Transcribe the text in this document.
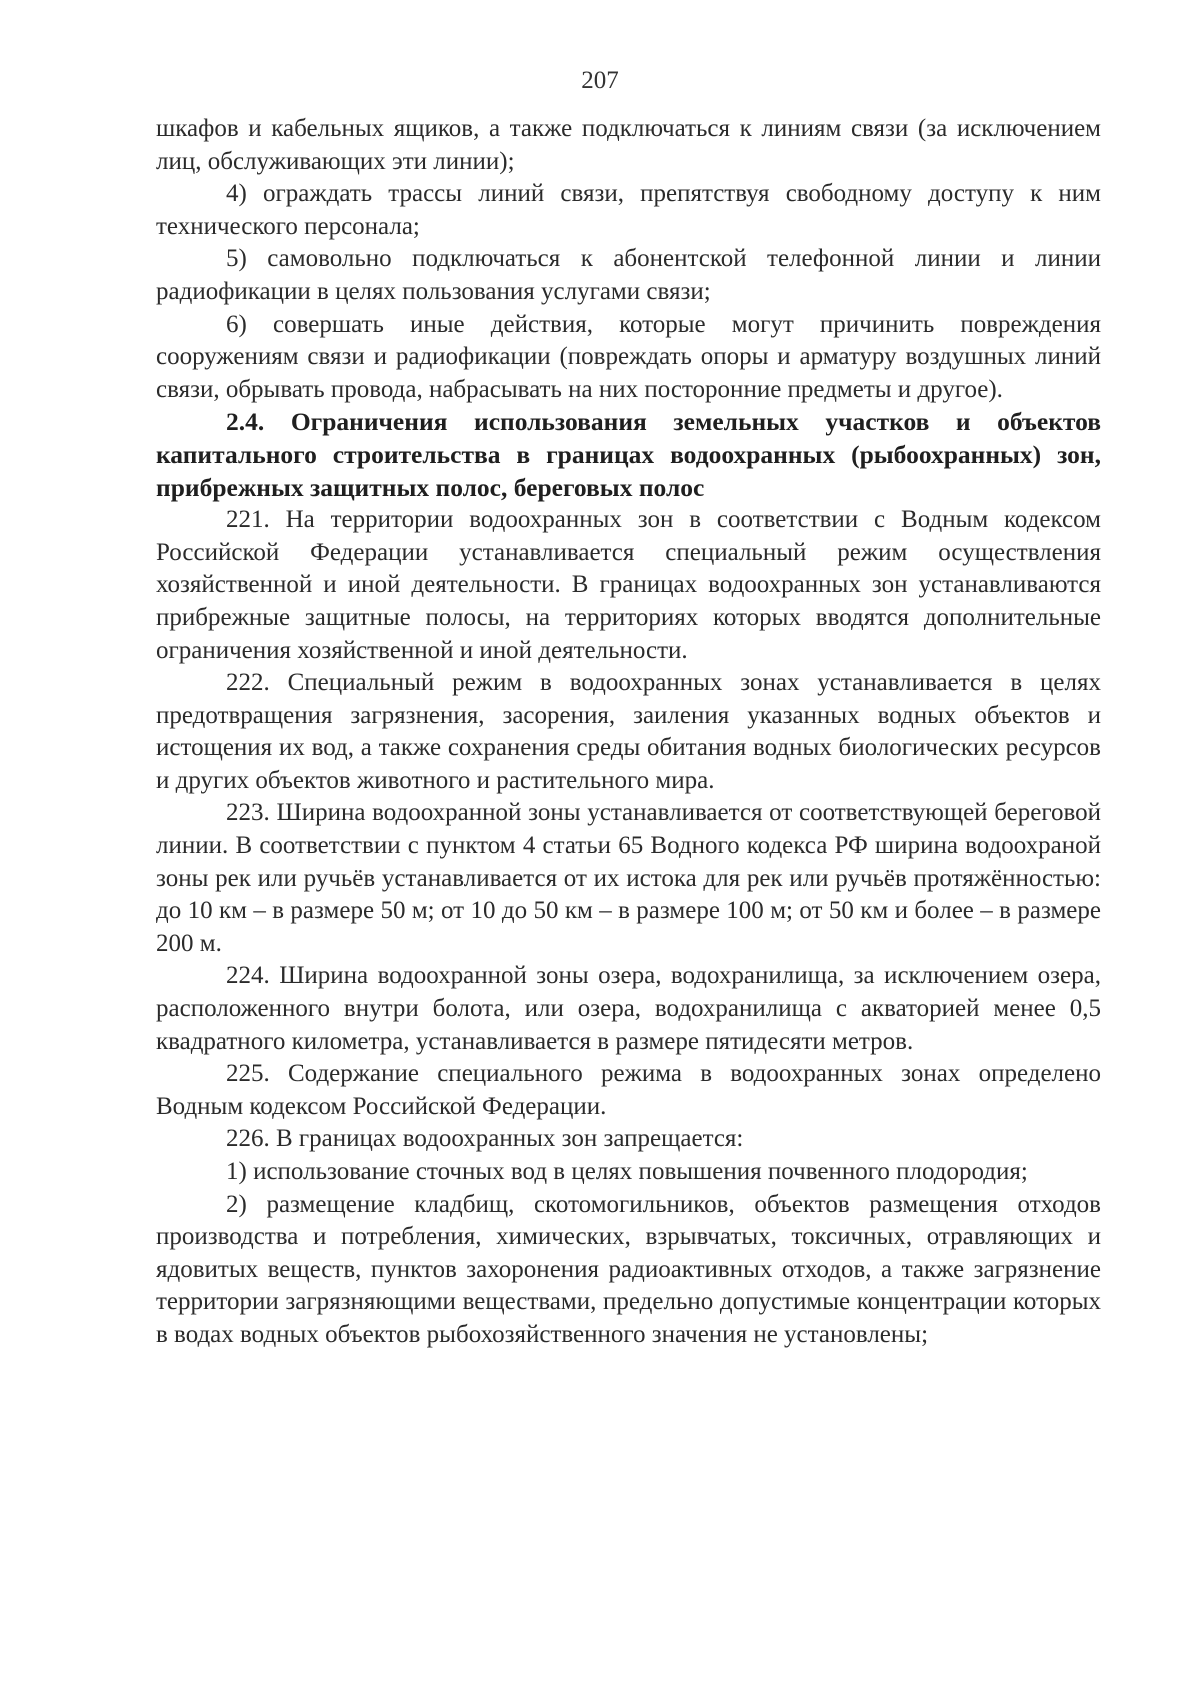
207

шкафов и кабельных ящиков, а также подключаться к линиям связи (за исключением лиц, обслуживающих эти линии);

4) ограждать трассы линий связи, препятствуя свободному доступу к ним технического персонала;

5) самовольно подключаться к абонентской телефонной линии и линии радиофикации в целях пользования услугами связи;

6) совершать иные действия, которые могут причинить повреждения сооружениям связи и радиофикации (повреждать опоры и арматуру воздушных линий связи, обрывать провода, набрасывать на них посторонние предметы и другое).

2.4. Ограничения использования земельных участков и объектов капитального строительства в границах водоохранных (рыбоохранных) зон, прибрежных защитных полос, береговых полос

221. На территории водоохранных зон в соответствии с Водным кодексом Российской Федерации устанавливается специальный режим осуществления хозяйственной и иной деятельности. В границах водоохранных зон устанавливаются прибрежные защитные полосы, на территориях которых вводятся дополнительные ограничения хозяйственной и иной деятельности.

222. Специальный режим в водоохранных зонах устанавливается в целях предотвращения загрязнения, засорения, заиления указанных водных объектов и истощения их вод, а также сохранения среды обитания водных биологических ресурсов и других объектов животного и растительного мира.

223. Ширина водоохранной зоны устанавливается от соответствующей береговой линии. В соответствии с пунктом 4 статьи 65 Водного кодекса РФ ширина водоохраной зоны рек или ручьёв устанавливается от их истока для рек или ручьёв протяжённостью: до 10 км – в размере 50 м; от 10 до 50 км – в размере 100 м; от 50 км и более – в размере 200 м.

224. Ширина водоохранной зоны озера, водохранилища, за исключением озера, расположенного внутри болота, или озера, водохранилища с акваторией менее 0,5 квадратного километра, устанавливается в размере пятидесяти метров.

225. Содержание специального режима в водоохранных зонах определено Водным кодексом Российской Федерации.

226. В границах водоохранных зон запрещается:

1) использование сточных вод в целях повышения почвенного плодородия;

2) размещение кладбищ, скотомогильников, объектов размещения отходов производства и потребления, химических, взрывчатых, токсичных, отравляющих и ядовитых веществ, пунктов захоронения радиоактивных отходов, а также загрязнение территории загрязняющими веществами, предельно допустимые концентрации которых в водах водных объектов рыбохозяйственного значения не установлены;
